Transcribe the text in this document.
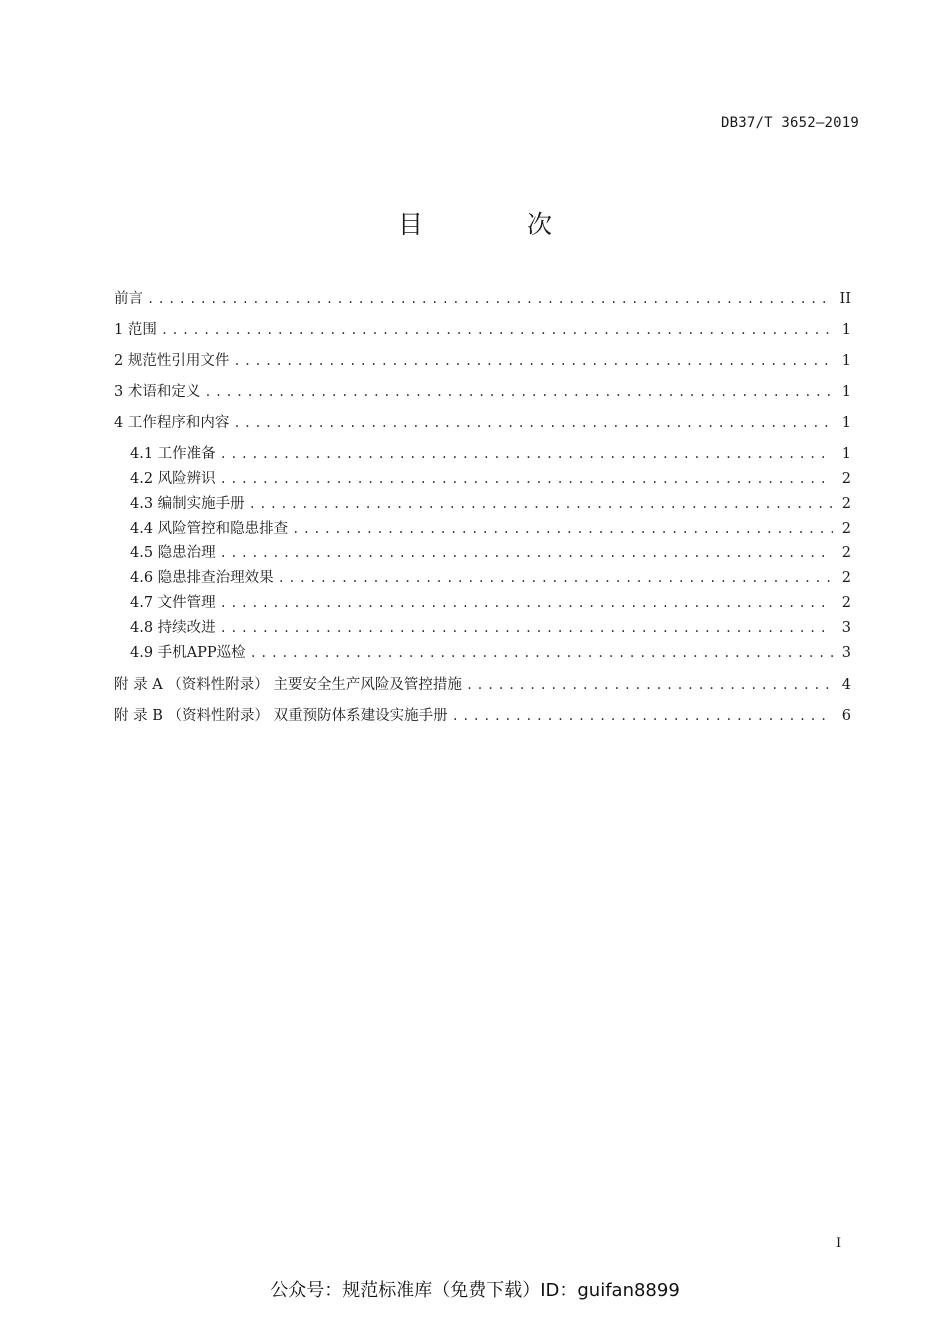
DB37/T 3652—2019
目 次
前言 .....	II
1 范围 .....	1
2 规范性引用文件 .....	1
3 术语和定义 .....	1
4 工作程序和内容 .....	1
4.1 工作准备 .....	1
4.2 风险辨识 .....	2
4.3 编制实施手册 .....	2
4.4 风险管控和隐患排查 .....	2
4.5 隐患治理 .....	2
4.6 隐患排查治理效果 .....	2
4.7 文件管理 .....	2
4.8 持续改进 .....	3
4.9 手机APP巡检 .....	3
附 录 A （资料性附录） 主要安全生产风险及管控措施 .....	4
附 录 B （资料性附录） 双重预防体系建设实施手册 .....	6
I
公众号：规范标准库（免费下载）ID：guifan8899
